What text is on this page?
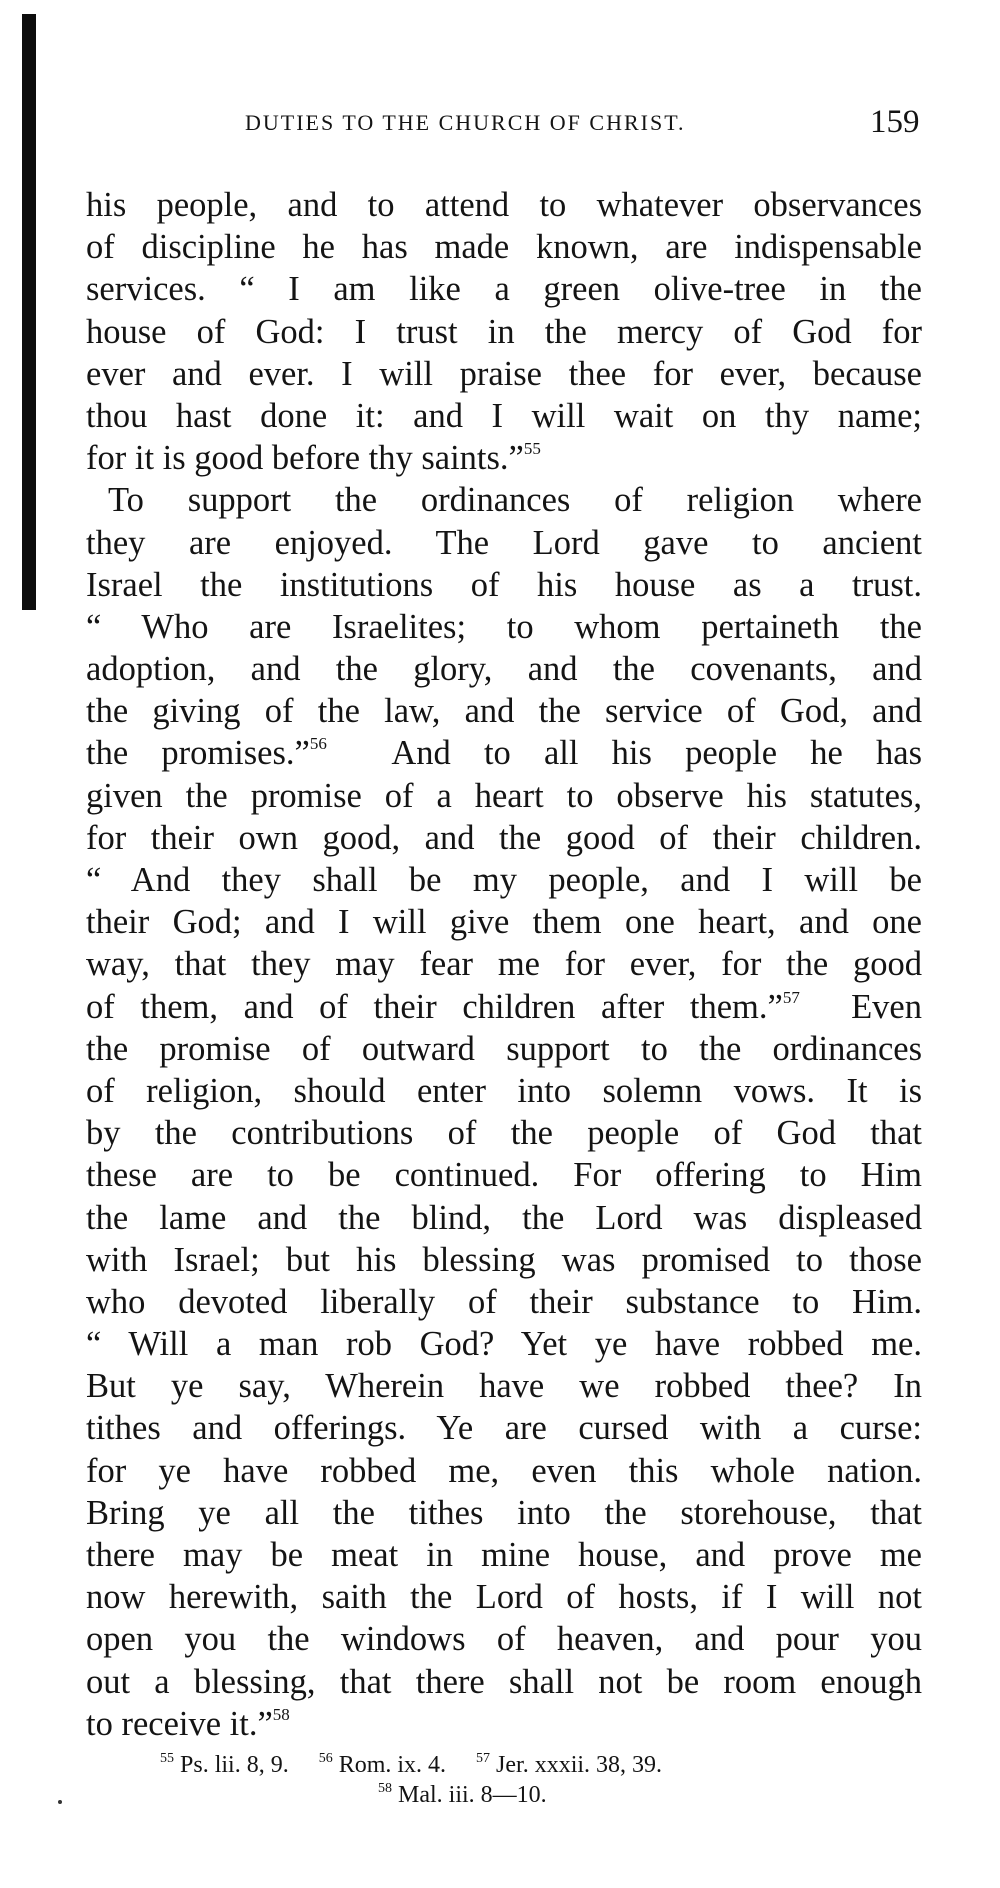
DUTIES TO THE CHURCH OF CHRIST.	159
his people, and to attend to whatever observances
of discipline he has made known, are indispensable
services. “ I am like a green olive-tree in the
house of God: I trust in the mercy of God for
ever and ever. I will praise thee for ever, because
thou hast done it: and I will wait on thy name;
for it is good before thy saints.”$^{55}$
To support the ordinances of religion where
they are enjoyed. The Lord gave to ancient
Israel the institutions of his house as a trust.
“ Who are Israelites; to whom pertaineth the
adoption, and the glory, and the covenants, and
the giving of the law, and the service of God, and
the promises.”$^{56}$  And to all his people he has
given the promise of a heart to observe his statutes,
for their own good, and the good of their children.
“ And they shall be my people, and I will be
their God; and I will give them one heart, and one
way, that they may fear me for ever, for the good
of them, and of their children after them.”$^{57}$  Even
the promise of outward support to the ordinances
of religion, should enter into solemn vows. It is
by the contributions of the people of God that
these are to be continued. For offering to Him
the lame and the blind, the Lord was displeased
with Israel; but his blessing was promised to those
who devoted liberally of their substance to Him.
“ Will a man rob God? Yet ye have robbed me.
But ye say, Wherein have we robbed thee? In
tithes and offerings. Ye are cursed with a curse:
for ye have robbed me, even this whole nation.
Bring ye all the tithes into the storehouse, that
there may be meat in mine house, and prove me
now herewith, saith the Lord of hosts, if I will not
open you the windows of heaven, and pour you
out a blessing, that there shall not be room enough
to receive it.”$^{58}$
$^{55}$ Ps. lii. 8, 9. $^{56}$ Rom. ix. 4. $^{57}$ Jer. xxxii. 38, 39.
$^{58}$ Mal. iii. 8—10.
